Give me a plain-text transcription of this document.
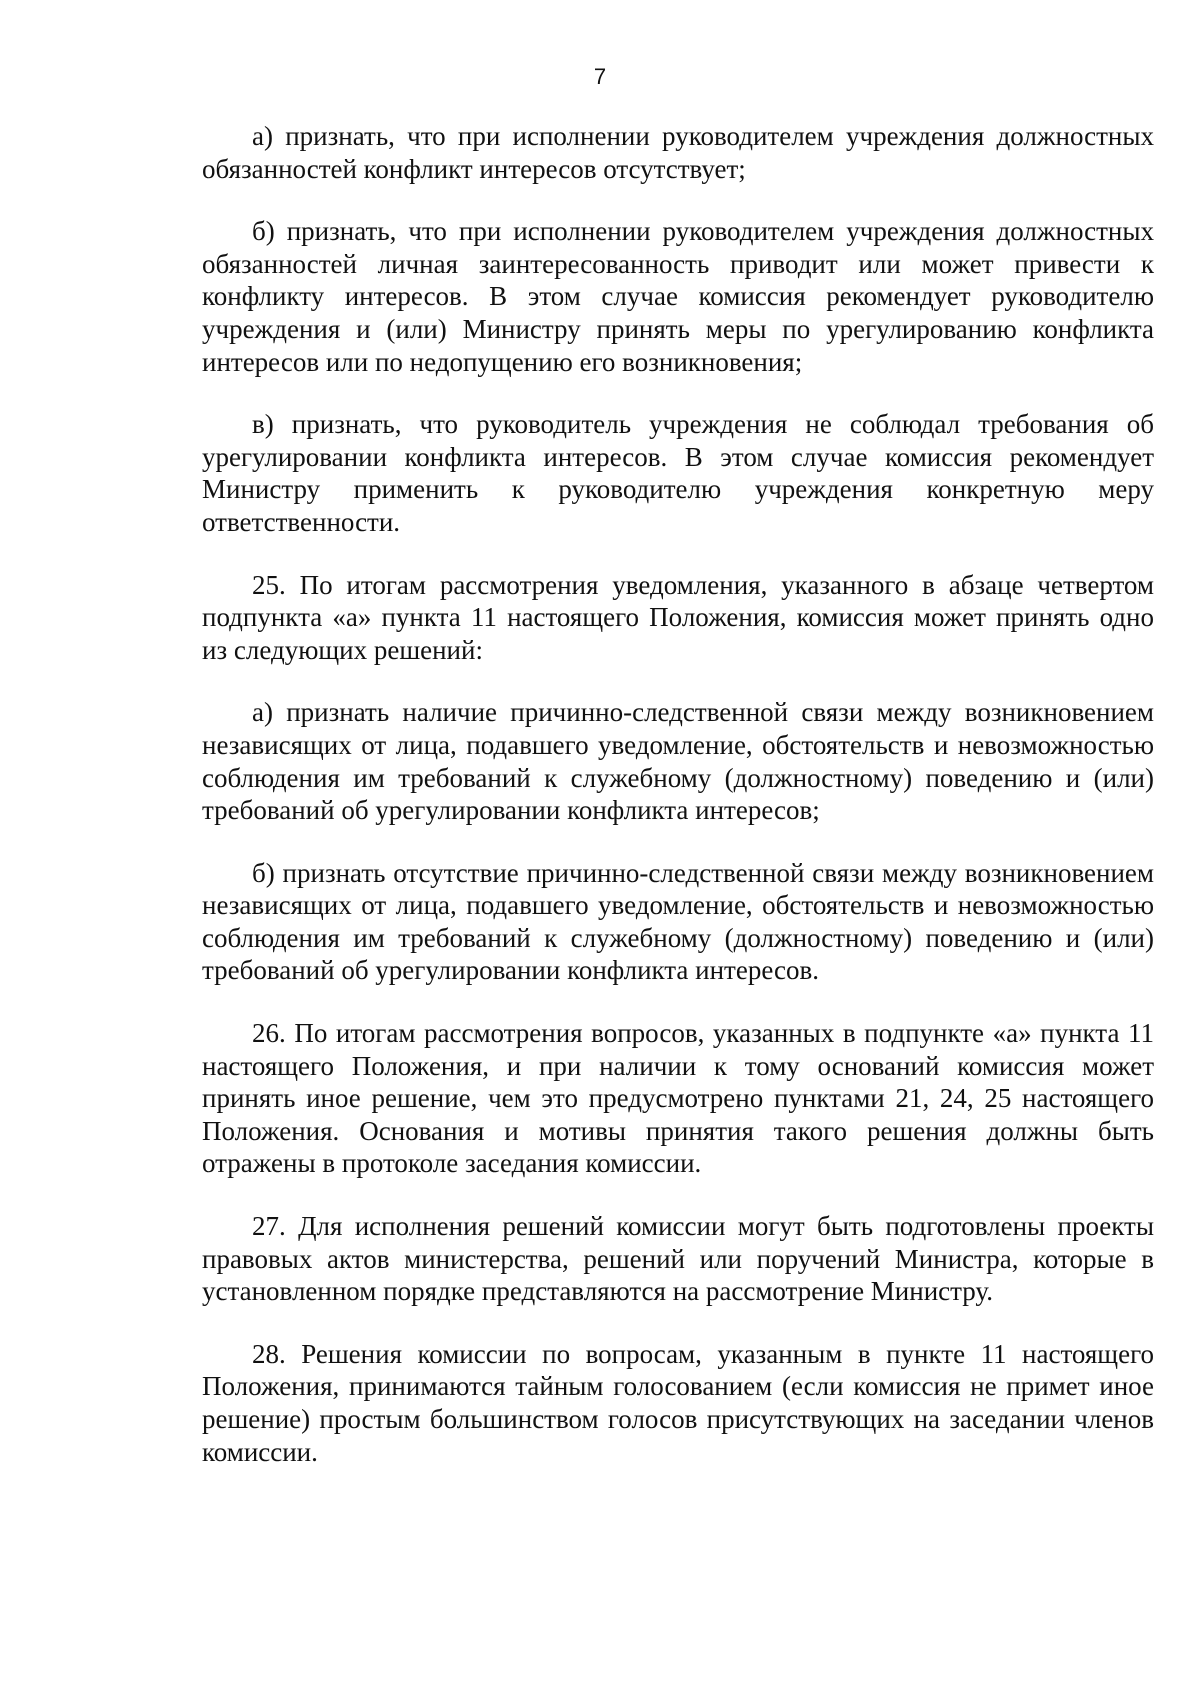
7

а) признать, что при исполнении руководителем учреждения должностных обязанностей конфликт интересов отсутствует;

б) признать, что при исполнении руководителем учреждения должностных обязанностей личная заинтересованность приводит или может привести к конфликту интересов. В этом случае комиссия рекомендует руководителю учреждения и (или) Министру принять меры по урегулированию конфликта интересов или по недопущению его возникновения;

в) признать, что руководитель учреждения не соблюдал требования об урегулировании конфликта интересов. В этом случае комиссия рекомендует Министру применить к руководителю учреждения конкретную меру ответственности.

25. По итогам рассмотрения уведомления, указанного в абзаце четвертом подпункта «а» пункта 11 настоящего Положения, комиссия может принять одно из следующих решений:

а) признать наличие причинно-следственной связи между возникновением независящих от лица, подавшего уведомление, обстоятельств и невозможностью соблюдения им требований к служебному (должностному) поведению и (или) требований об урегулировании конфликта интересов;

б) признать отсутствие причинно-следственной связи между возникновением независящих от лица, подавшего уведомление, обстоятельств и невозможностью соблюдения им требований к служебному (должностному) поведению и (или) требований об урегулировании конфликта интересов.

26. По итогам рассмотрения вопросов, указанных в подпункте «а» пункта 11 настоящего Положения, и при наличии к тому оснований комиссия может принять иное решение, чем это предусмотрено пунктами 21, 24, 25 настоящего Положения. Основания и мотивы принятия такого решения должны быть отражены в протоколе заседания комиссии.

27. Для исполнения решений комиссии могут быть подготовлены проекты правовых актов министерства, решений или поручений Министра, которые в установленном порядке представляются на рассмотрение Министру.

28. Решения комиссии по вопросам, указанным в пункте 11 настоящего Положения, принимаются тайным голосованием (если комиссия не примет иное решение) простым большинством голосов присутствующих на заседании членов комиссии.
